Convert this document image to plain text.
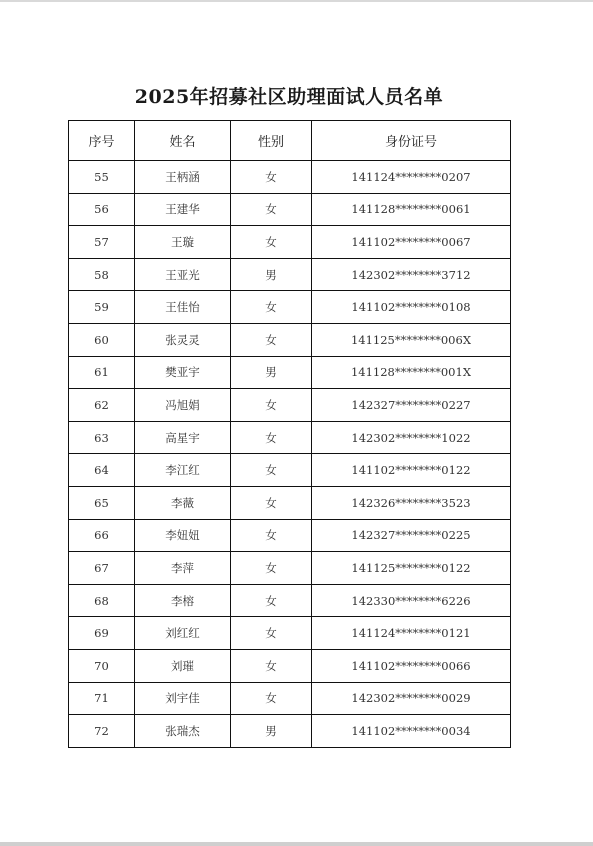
2025年招募社区助理面试人员名单
序号	姓名	性别	身份证号
55	王柄涵	女	141124********0207
56	王建华	女	141128********0061
57	王璇	女	141102********0067
58	王亚光	男	142302********3712
59	王佳怡	女	141102********0108
60	张灵灵	女	141125********006X
61	樊亚宇	男	141128********001X
62	冯旭娟	女	142327********0227
63	高星宇	女	142302********1022
64	李江红	女	141102********0122
65	李薇	女	142326********3523
66	李妞妞	女	142327********0225
67	李萍	女	141125********0122
68	李榕	女	142330********6226
69	刘红红	女	141124********0121
70	刘璀	女	141102********0066
71	刘宇佳	女	142302********0029
72	张瑞杰	男	141102********0034
